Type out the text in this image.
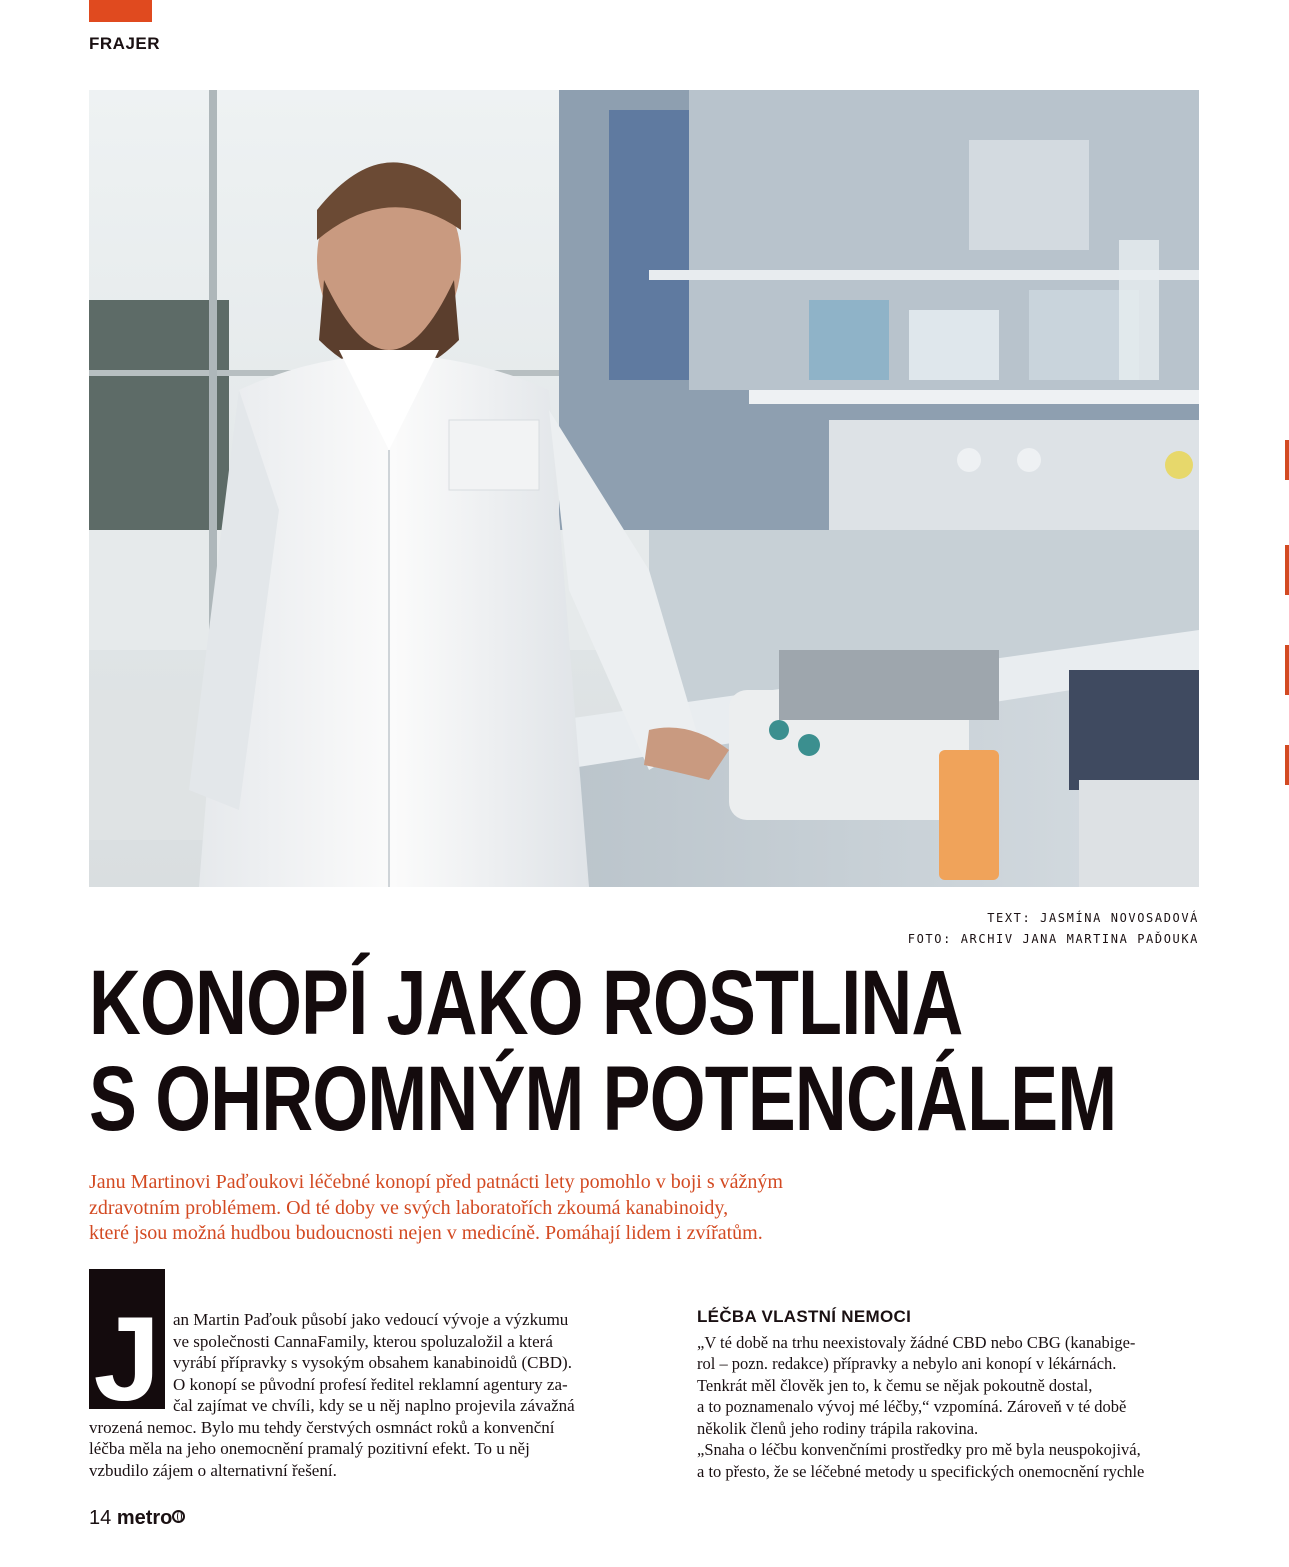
FRAJER
TEXT: JASMÍNA NOVOSADOVÁ
FOTO: ARCHIV JANA MARTINA PAĎOUKA
KONOPÍ JAKO ROSTLINA
S OHROMNÝM POTENCIÁLEM
Janu Martinovi Paďoukovi léčebné konopí před patnácti lety pomohlo v boji s vážným
zdravotním problémem. Od té doby ve svých laboratořích zkoumá kanabinoidy,
které jsou možná hudbou budoucnosti nejen v medicíně. Pomáhají lidem i zvířatům.
J an Martin Paďouk působí jako vedoucí vývoje a výzkumu
ve společnosti CannaFamily, kterou spoluzaložil a která
vyrábí přípravky s vysokým obsahem kanabinoidů (CBD).
O konopí se původní profesí ředitel reklamní agentury za-
čal zajímat ve chvíli, kdy se u něj naplno projevila závažná
vrozená nemoc. Bylo mu tehdy čerstvých osmnáct roků a konvenční
léčba měla na jeho onemocnění pramalý pozitivní efekt. To u něj
vzbudilo zájem o alternativní řešení.
LÉČBA VLASTNÍ NEMOCI
„V té době na trhu neexistovaly žádné CBD nebo CBG (kanabige-
rol – pozn. redakce) přípravky a nebylo ani konopí v lékárnách.
Tenkrát měl člověk jen to, k čemu se nějak pokoutně dostal,
a to poznamenalo vývoj mé léčby,“ vzpomíná. Zároveň v té době
několik členů jeho rodiny trápila rakovina.
„Snaha o léčbu konvenčními prostředky pro mě byla neuspokojivá,
a to přesto, že se léčebné metody u specifických onemocnění rychle
14 metro
